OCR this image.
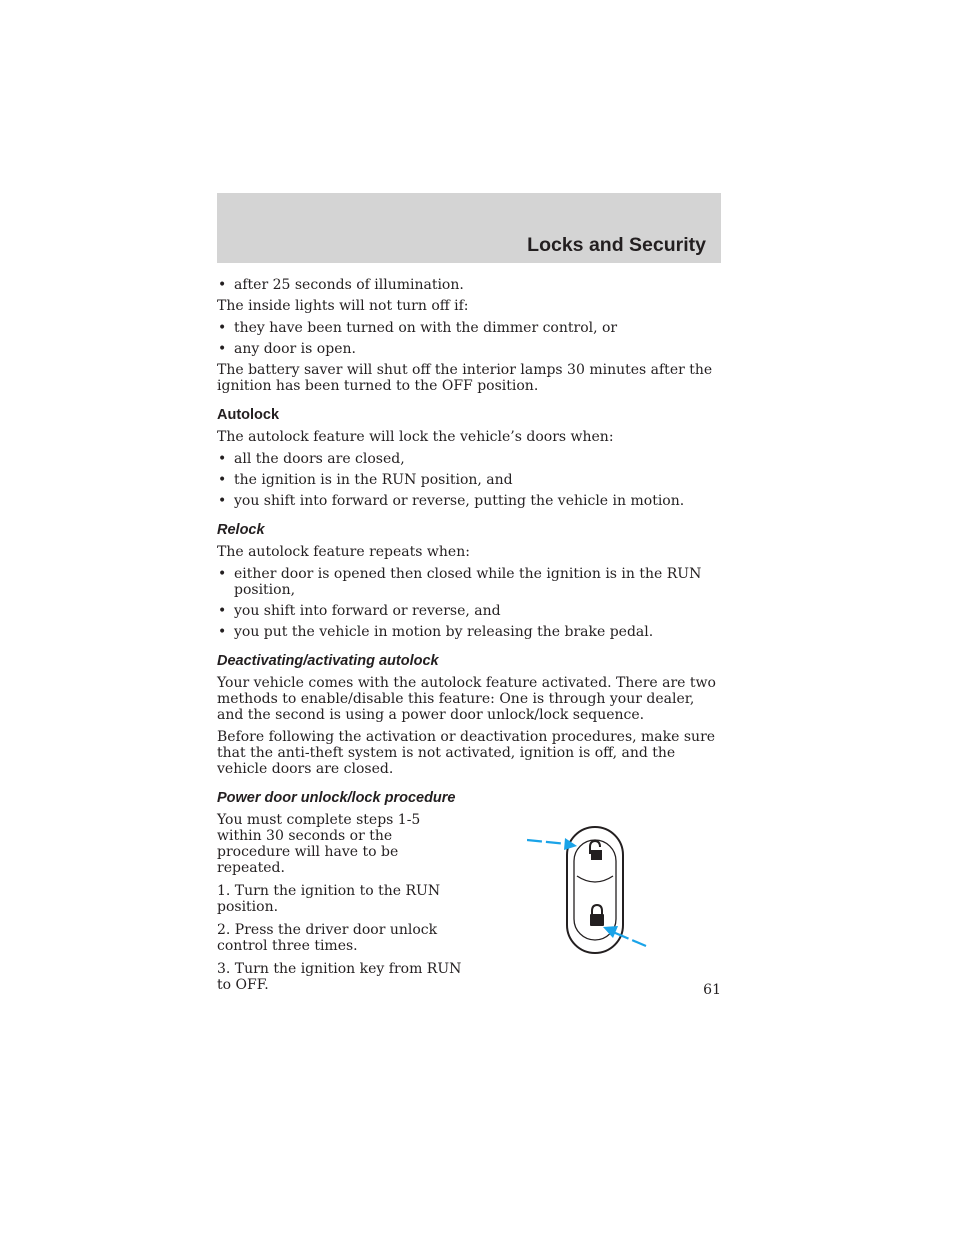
Locks and Security
• after 25 seconds of illumination.

The inside lights will not turn off if:

• they have been turned on with the dimmer control, or
• any door is open.

The battery saver will shut off the interior lamps 30 minutes after the ignition has been turned to the OFF position.

Autolock

The autolock feature will lock the vehicle’s doors when:

• all the doors are closed,
• the ignition is in the RUN position, and
• you shift into forward or reverse, putting the vehicle in motion.
Relock

The autolock feature repeats when:

• either door is opened then closed while the ignition is in the RUN position,
• you shift into forward or reverse, and
• you put the vehicle in motion by releasing the brake pedal.
Deactivating/activating autolock

Your vehicle comes with the autolock feature activated. There are two methods to enable/disable this feature: One is through your dealer, and the second is using a power door unlock/lock sequence.

Before following the activation or deactivation procedures, make sure that the anti-theft system is not activated, ignition is off, and the vehicle doors are closed.

Power door unlock/lock procedure

You must complete steps 1-5 within 30 seconds or the procedure will have to be repeated.

1. Turn the ignition to the RUN position.

2. Press the driver door unlock control three times.

3. Turn the ignition key from RUN to OFF.	61
